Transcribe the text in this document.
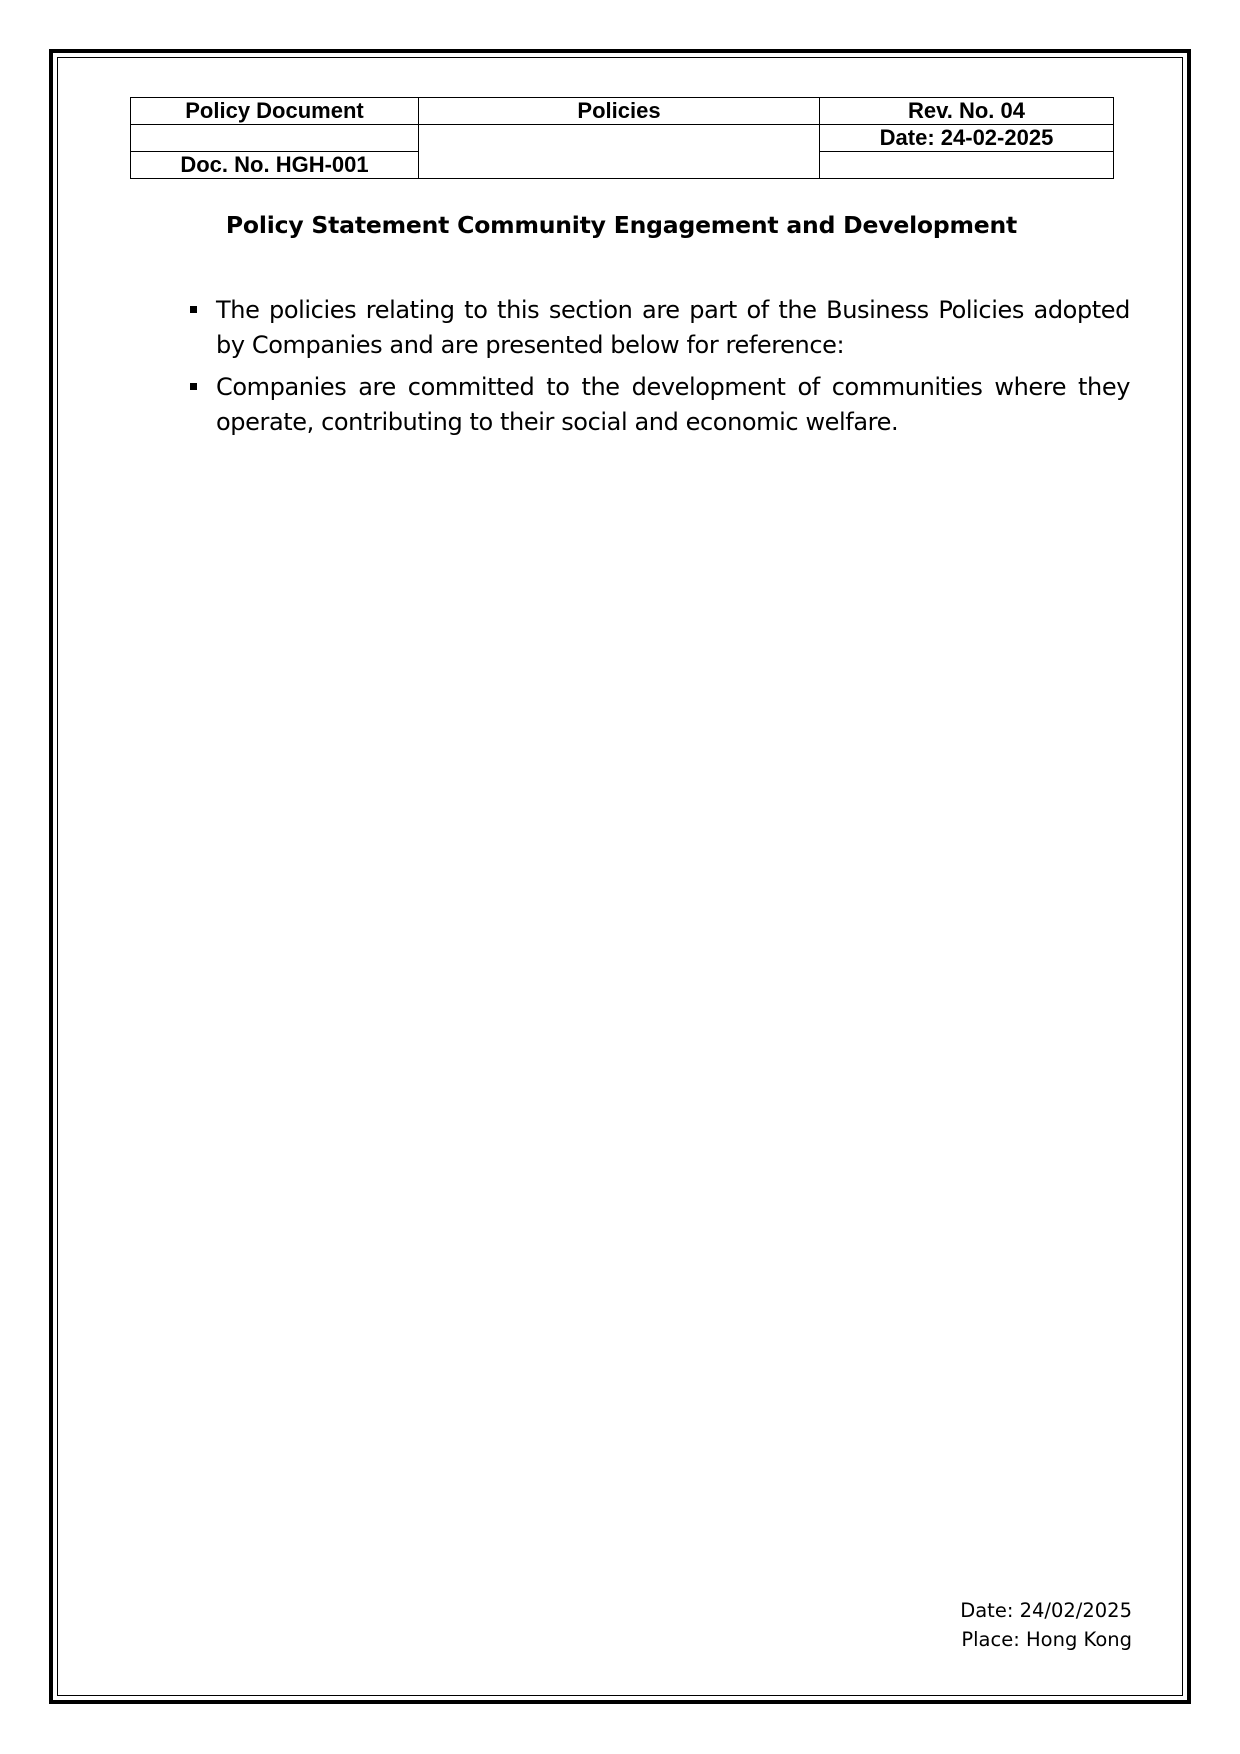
Policy Document	Policies	Rev. No. 04
		Date: 24-02-2025
Doc. No. HGH-001		
Policy Statement Community Engagement and Development
The policies relating to this section are part of the Business Policies adopted by Companies and are presented below for reference:
Companies are committed to the development of communities where they operate, contributing to their social and economic welfare.
Date: 24/02/2025
Place: Hong Kong
